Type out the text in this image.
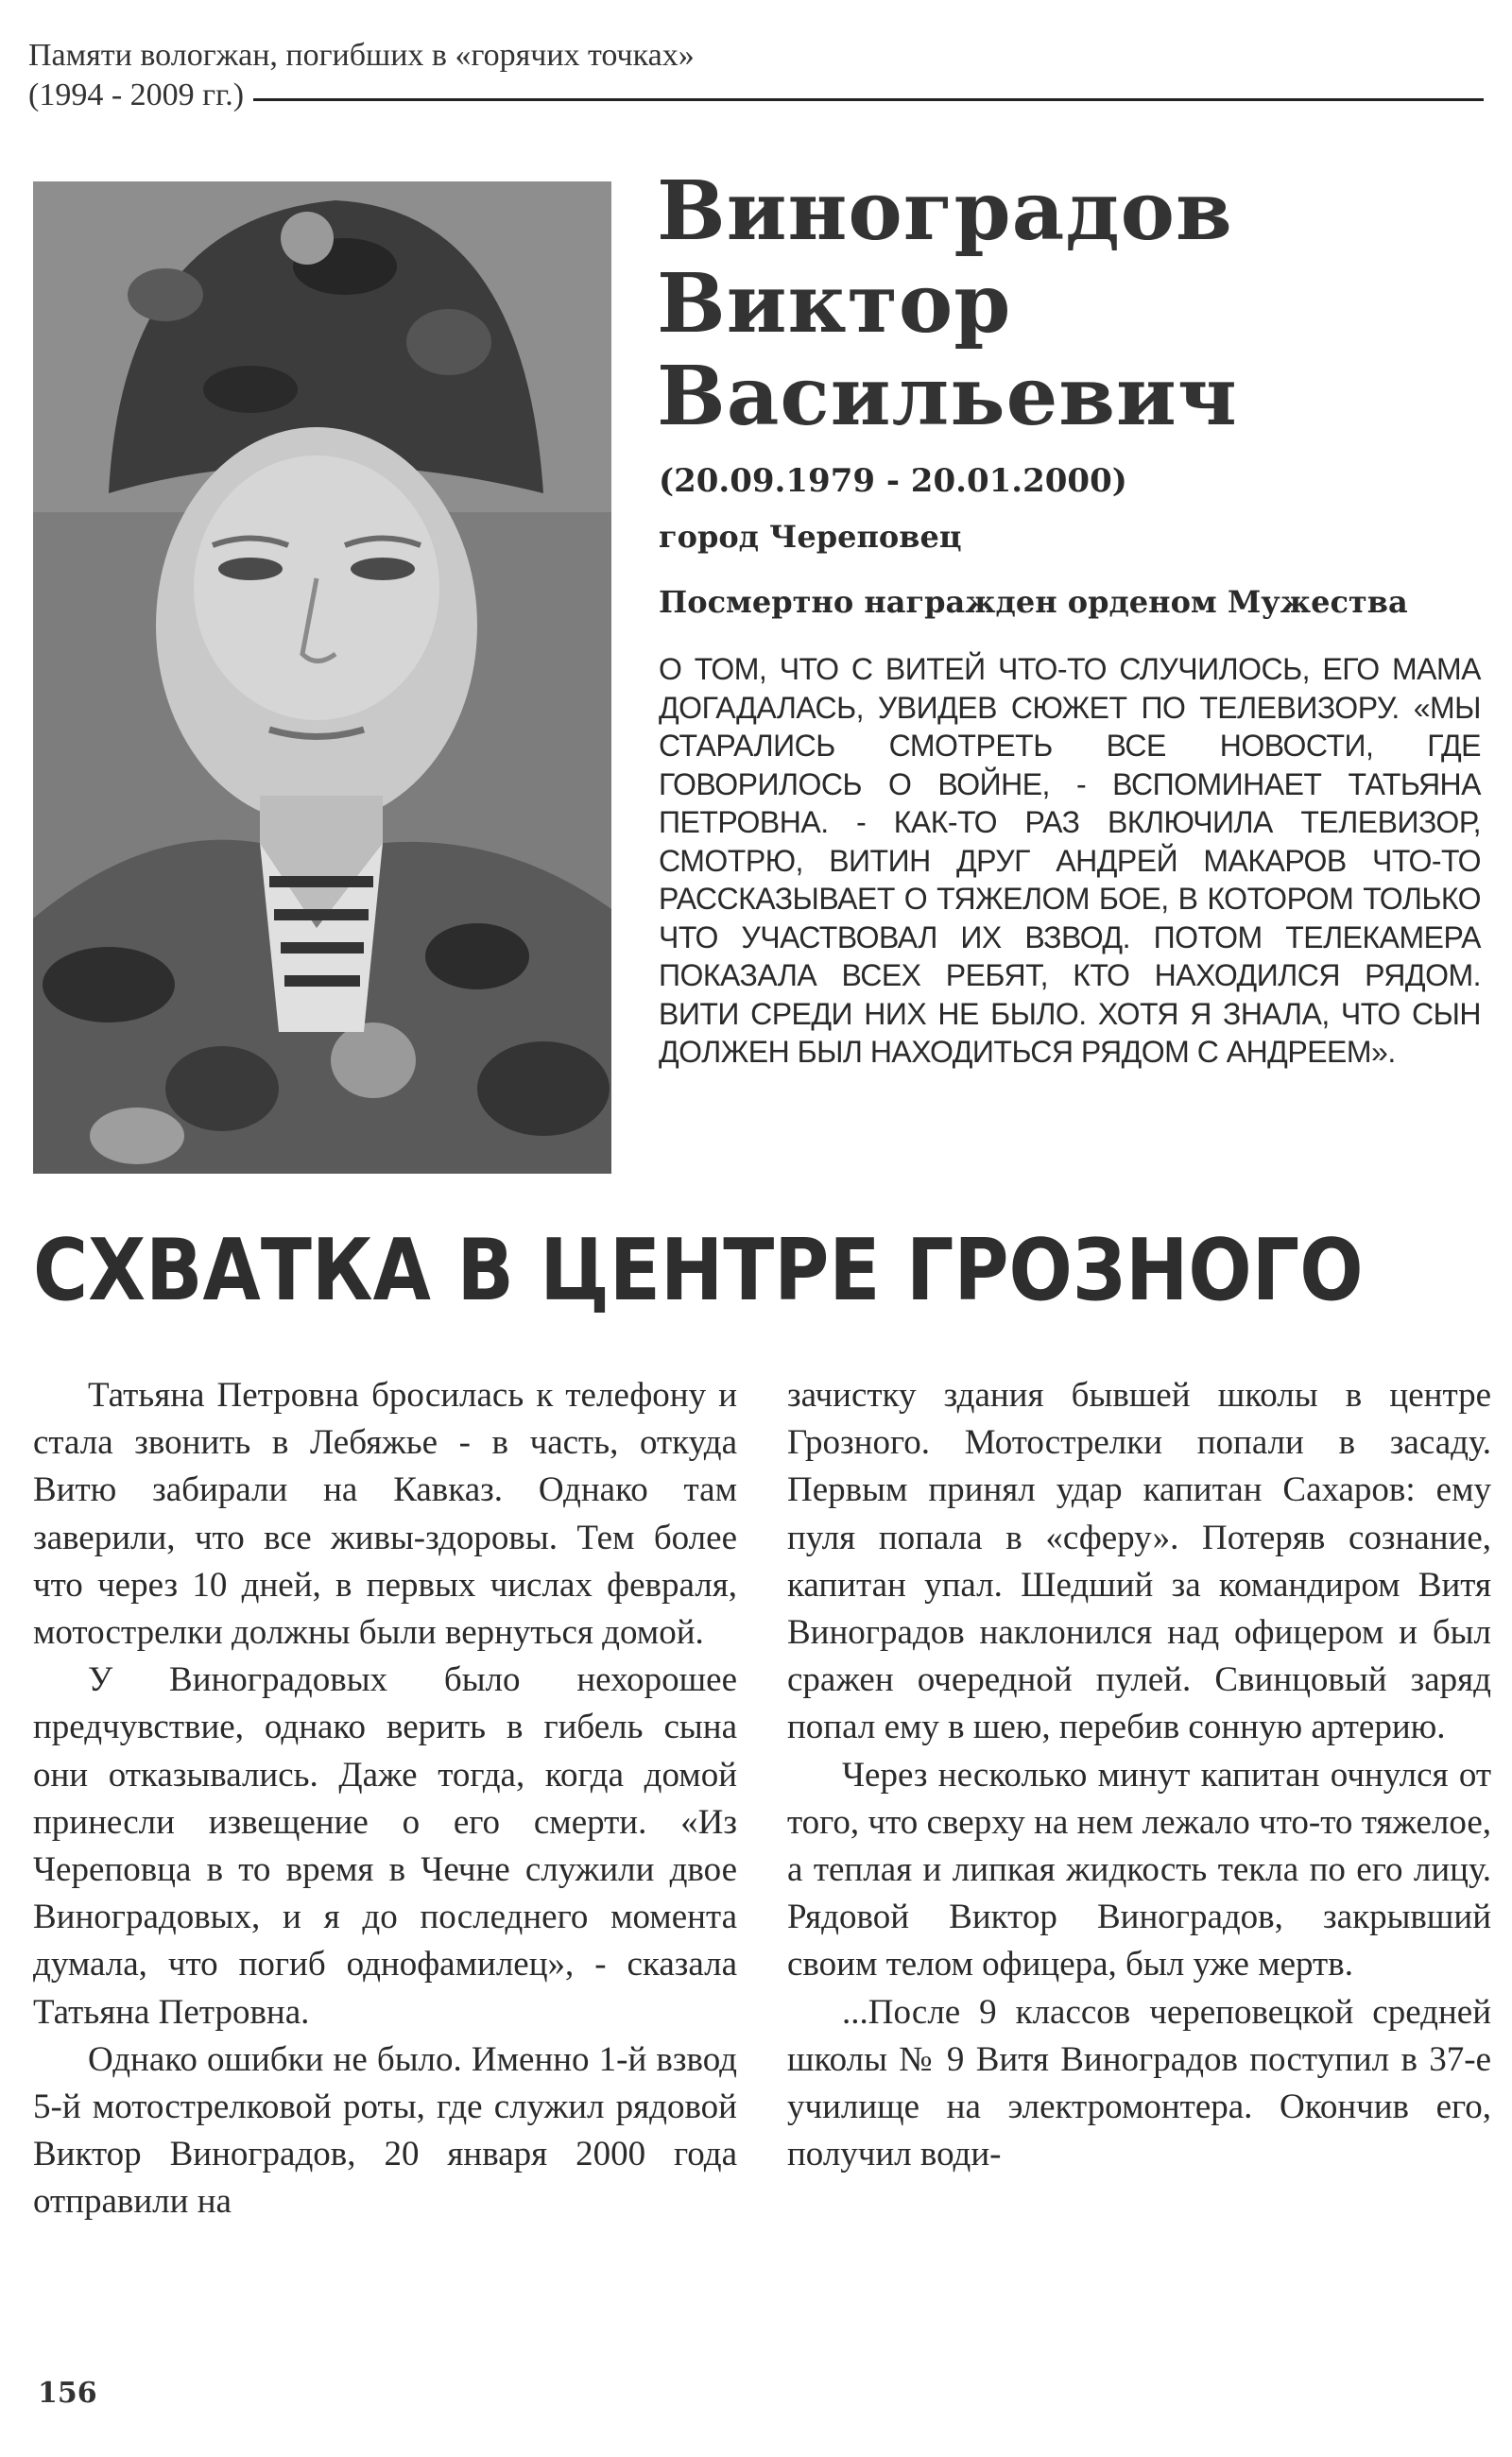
Памяти вологжан, погибших в «горячих точках»
(1994 - 2009 гг.)
Виноградов
Виктор
Васильевич
(20.09.1979 - 20.01.2000)
город Череповец
Посмертно награжден орденом Мужества
О ТОМ, ЧТО С ВИТЕЙ ЧТО-ТО СЛУЧИЛОСЬ, ЕГО МАМА ДОГАДАЛАСЬ, УВИДЕВ СЮЖЕТ ПО ТЕЛЕВИЗОРУ. «МЫ СТАРАЛИСЬ СМОТРЕТЬ ВСЕ НОВОСТИ, ГДЕ ГОВОРИЛОСЬ О ВОЙНЕ, - ВСПОМИНАЕТ ТАТЬЯНА ПЕТРОВНА. - КАК-ТО РАЗ ВКЛЮЧИЛА ТЕЛЕВИЗОР, СМОТРЮ, ВИТИН ДРУГ АНДРЕЙ МАКАРОВ ЧТО-ТО РАССКАЗЫВАЕТ О ТЯЖЕЛОМ БОЕ, В КОТОРОМ ТОЛЬКО ЧТО УЧАСТВОВАЛ ИХ ВЗВОД. ПОТОМ ТЕЛЕКАМЕРА ПОКАЗАЛА ВСЕХ РЕБЯТ, КТО НАХОДИЛСЯ РЯДОМ. ВИТИ СРЕДИ НИХ НЕ БЫЛО. ХОТЯ Я ЗНАЛА, ЧТО СЫН ДОЛЖЕН БЫЛ НАХОДИТЬСЯ РЯДОМ С АНДРЕЕМ».
СХВАТКА В ЦЕНТРЕ ГРОЗНОГО

Татьяна Петровна бросилась к телефону и стала звонить в Лебяжье - в часть, откуда Витю забирали на Кавказ. Однако там заверили, что все живы-здоровы. Тем более что через 10 дней, в первых числах февраля, мотострелки должны были вернуться домой.

У Виноградовых было нехорошее предчувствие, однако верить в гибель сына они отказывались. Даже тогда, когда домой принесли извещение о его смерти. «Из Череповца в то время в Чечне служили двое Виноградовых, и я до последнего момента думала, что погиб однофамилец», - сказала Татьяна Петровна.

Однако ошибки не было. Именно 1-й взвод 5-й мотострелковой роты, где служил рядовой Виктор Виноградов, 20 января 2000 года отправили на

зачистку здания бывшей школы в центре Грозного. Мотострелки попали в засаду. Первым принял удар капитан Сахаров: ему пуля попала в «сферу». Потеряв сознание, капитан упал. Шедший за командиром Витя Виноградов наклонился над офицером и был сражен очередной пулей. Свинцовый заряд попал ему в шею, перебив сонную артерию.

Через несколько минут капитан очнулся от того, что сверху на нем лежало что-то тяжелое, а теплая и липкая жидкость текла по его лицу. Рядовой Виктор Виноградов, закрывший своим телом офицера, был уже мертв.

...После 9 классов череповецкой средней школы № 9 Витя Виноградов поступил в 37-е училище на электромонтера. Окончив его, получил води-

156
